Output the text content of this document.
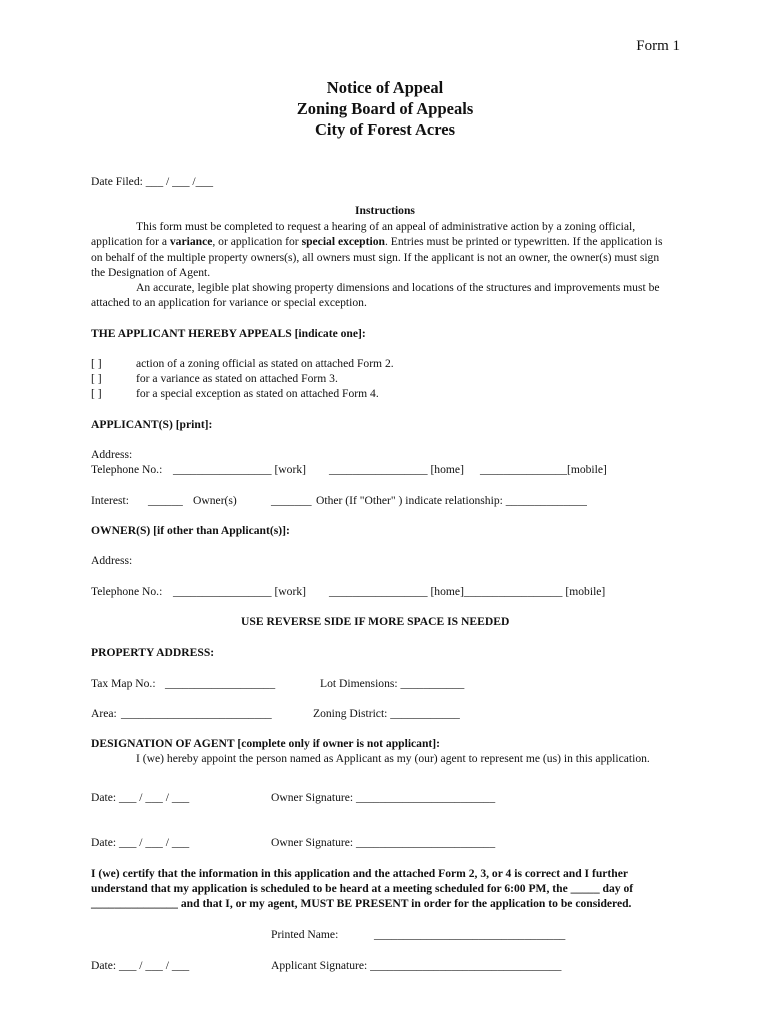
Form 1
Notice of Appeal
Zoning Board of Appeals
City of Forest Acres
Date Filed: ___ / ___ /___
Instructions
This form must be completed to request a hearing of an appeal of administrative action by a zoning official, application for a variance, or application for special exception. Entries must be printed or typewritten. If the application is on behalf of the multiple property owners(s), all owners must sign. If the applicant is not an owner, the owner(s) must sign the Designation of Agent.
An accurate, legible plat showing property dimensions and locations of the structures and improvements must be attached to an application for variance or special exception.
THE APPLICANT HEREBY APPEALS [indicate one]:
[ ]	action of a zoning official as stated on attached Form 2.
[ ]	for a variance as stated on attached Form 3.
[ ]	for a special exception as stated on attached Form 4.
APPLICANT(S) [print]:
Address:
Telephone No.: _________________ [work] _________________ [home] _______________[mobile]
Interest: ______ Owner(s)	_______ Other (If "Other" ) indicate relationship: ______________
OWNER(S) [if other than Applicant(s)]:
Address:
Telephone No.: _________________ [work] _________________ [home]_________________ [mobile]
USE REVERSE SIDE IF MORE SPACE IS NEEDED
PROPERTY ADDRESS:
Tax Map No.: ___________________	Lot Dimensions: ___________
Area: __________________________	Zoning District: ____________
DESIGNATION OF AGENT [complete only if owner is not applicant]:
I (we) hereby appoint the person named as Applicant as my (our) agent to represent me (us) in this application.
Date: ___ / ___ / ___	Owner Signature: ________________________
Date: ___ / ___ / ___	Owner Signature: ________________________
I (we) certify that the information in this application and the attached Form 2, 3, or 4 is correct and I further understand that my application is scheduled to be heard at a meeting scheduled for 6:00 PM, the _____ day of _______________ and that I, or my agent, MUST BE PRESENT in order for the application to be considered.
Printed Name:	_________________________________
Date: ___ / ___ / ___	Applicant Signature: _________________________________
